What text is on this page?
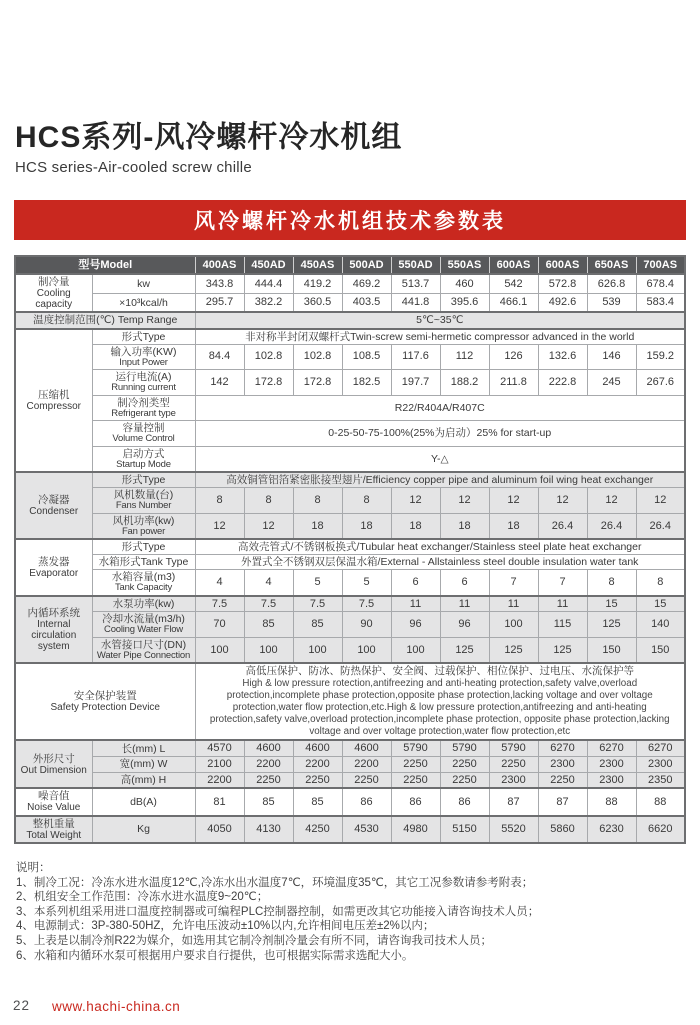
HCS系列-风冷螺杆冷水机组
HCS series-Air-cooled screw chille
风冷螺杆冷水机组技术参数表
型号Model		400AS	450AD	450AS	500AD	550AD	550AS	600AS	600AS	650AS	700AS

制冷量
Cooling capacity	kw	343.8	444.4	419.2	469.2	513.7	460	542	572.8	626.8	678.4

	×10³kcal/h	295.7	382.2	360.5	403.5	441.8	395.6	466.1	492.6	539	583.4

温度控制范围(℃) Temp Range		5℃~35℃									

压缩机
Compressor	形式Type	非对称半封闭双螺杆式Twin-screw semi-hermetic compressor advanced in the world									

	输入功率(KW)
Input Power	84.4	102.8	102.8	108.5	117.6	112	126	132.6	146	159.2

	运行电流(A)
Running current	142	172.8	172.8	182.5	197.7	188.2	211.8	222.8	245	267.6

	制冷剂类型
Refrigerant type	R22/R404A/R407C									

	容量控制
Volume Control	0-25-50-75-100%(25%为启动）25% for start-up									

	启动方式
Startup Mode	Y-△									

冷凝器
Condenser	形式Type	高效铜管铝箔紧密胀接型翅片/Efficiency copper pipe and aluminum foil wing heat exchanger									

	风机数量(台)
Fans Number	8	8	8	8	12	12	12	12	12	12

	风机功率(kw)
Fan power	12	12	18	18	18	18	18	26.4	26.4	26.4

蒸发器
Evaporator	形式Type	高效壳管式/不锈钢板换式/Tubular heat exchanger/Stainless steel plate heat exchanger									

	水箱形式Tank Type	外置式全不锈钢双层保温水箱/External - Allstainless steel double insulation water tank									

	水箱容量(m3)
Tank Capacity	4	4	5	5	6	6	7	7	8	8

内循环系统
Internal circulation system	水泵功率(kw)	7.5	7.5	7.5	7.5	11	11	11	11	15	15

	冷却水流量(m3/h)
Cooling Water Flow	70	85	85	90	96	96	100	115	125	140

	水管接口尺寸(DN)
Water Pipe Connection	100	100	100	100	100	125	125	125	150	150

安全保护装置
Safety Protection Device

高低压保护、防冰、防热保护、安全阀、过载保护、相位保护、过电压、水流保护等
High & low pressure rotection,antifreezing and anti-heating protection,safety valve,overload protection,incomplete phase protection,opposite phase protection,lacking voltage and over voltage protection,water flow protection,etc.High & low pressure protection,antifreezing and anti-heating protection,safety valve,overload protection,incomplete phase protection, opposite phase protection,lacking voltage and over voltage protection,water flow protection,etc

外形尺寸
Out Dimension	长(mm) L	4570	4600	4600	4600	5790	5790	5790	6270	6270	6270

	宽(mm) W	2100	2200	2200	2200	2250	2250	2250	2300	2300	2300

	高(mm) H	2200	2250	2250	2250	2250	2250	2300	2250	2300	2350

噪音值
Noise Value	dB(A)	81	85	85	86	86	86	87	87	88	88

整机重量
Total Weight	Kg	4050	4130	4250	4530	4980	5150	5520	5860	6230	6620
说明：
1、制冷工况：冷冻水进水温度12℃,冷冻水出水温度7℃，环境温度35℃，其它工况参数请参考附表；
2、机组安全工作范围：冷冻水进水温度9~20℃；
3、本系列机组采用进口温度控制器或可编程PLC控制器控制，如需更改其它功能接入请咨询技术人员；
4、电源制式：3P-380-50HZ，允许电压波动±10%以内,允许相间电压差±2%以内；
5、上表是以制冷剂R22为媒介，如选用其它制冷剂制冷量会有所不同，请咨询我司技术人员；
6、水箱和内循环水泵可根据用户要求自行提供，也可根据实际需求选配大小。
22 www.hachi-china.cn
